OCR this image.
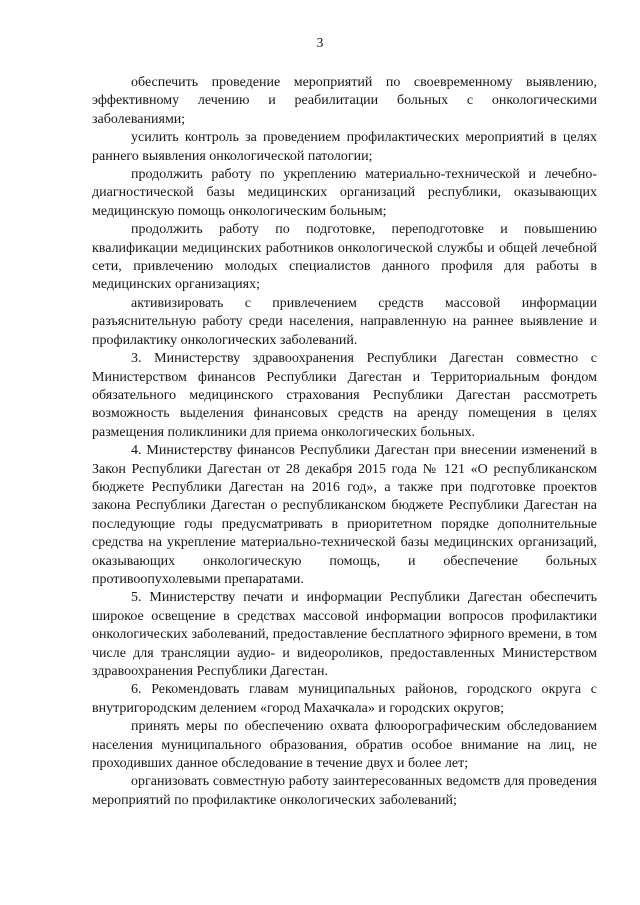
3

обеспечить проведение мероприятий по своевременному выявлению, эффективному лечению и реабилитации больных с онкологическими заболеваниями;

усилить контроль за проведением профилактических мероприятий в целях раннего выявления онкологической патологии;

продолжить работу по укреплению материально-технической и лечебно-диагностической базы медицинских организаций республики, оказывающих медицинскую помощь онкологическим больным;

продолжить работу по подготовке, переподготовке и повышению квалификации медицинских работников онкологической службы и общей лечебной сети, привлечению молодых специалистов данного профиля для работы в медицинских организациях;

активизировать с привлечением средств массовой информации разъяснительную работу среди населения, направленную на раннее выявление и профилактику онкологических заболеваний.

3. Министерству здравоохранения Республики Дагестан совместно с Министерством финансов Республики Дагестан и Территориальным фондом обязательного медицинского страхования Республики Дагестан рассмотреть возможность выделения финансовых средств на аренду помещения в целях размещения поликлиники для приема онкологических больных.

4. Министерству финансов Республики Дагестан при внесении изменений в Закон Республики Дагестан от 28 декабря 2015 года № 121 «О республиканском бюджете Республики Дагестан на 2016 год», а также при подготовке проектов закона Республики Дагестан о республиканском бюджете Республики Дагестан на последующие годы предусматривать в приоритетном порядке дополнительные средства на укрепление материально-технической базы медицинских организаций, оказывающих онкологическую помощь, и обеспечение больных противоопухолевыми препаратами.

5. Министерству печати и информации Республики Дагестан обеспечить широкое освещение в средствах массовой информации вопросов профилактики онкологических заболеваний, предоставление бесплатного эфирного времени, в том числе для трансляции аудио- и видеороликов, предоставленных Министерством здравоохранения Республики Дагестан.

6. Рекомендовать главам муниципальных районов, городского округа с внутригородским делением «город Махачкала» и городских округов;

принять меры по обеспечению охвата флюорографическим обследованием населения муниципального образования, обратив особое внимание на лиц, не проходивших данное обследование в течение двух и более лет;

организовать совместную работу заинтересованных ведомств для проведения мероприятий по профилактике онкологических заболеваний;
